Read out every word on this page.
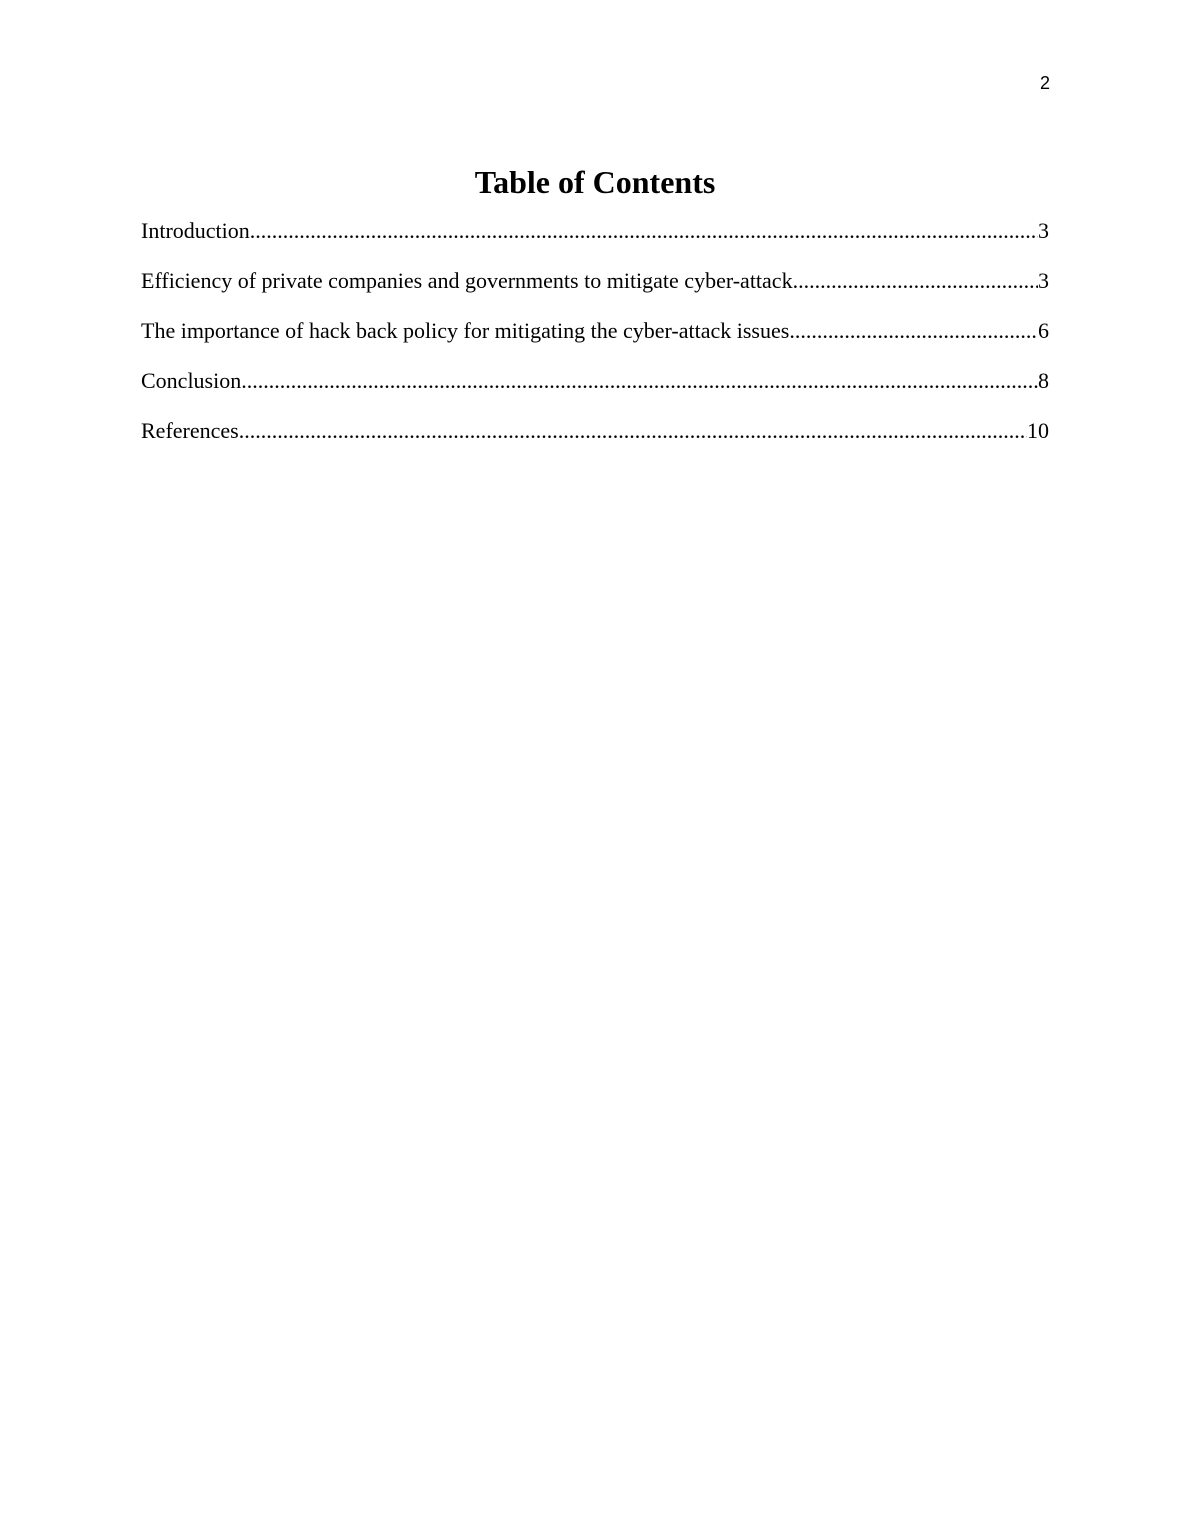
2
Table of Contents
Introduction .....	3
Efficiency of private companies and governments to mitigate cyber-attack .....	3
The importance of hack back policy for mitigating the cyber-attack issues .....	6
Conclusion .....	8
References .....	10
